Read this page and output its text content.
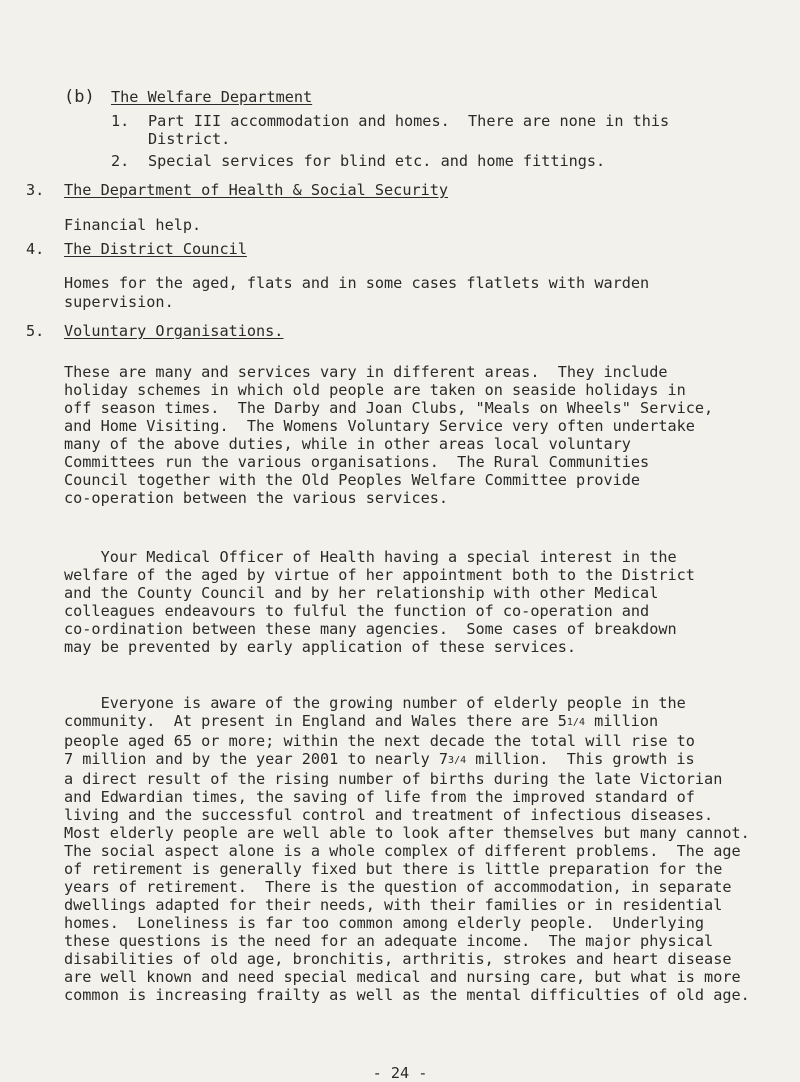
(b) The Welfare Department
1. Part III accommodation and homes.  There are none in this
District.
2. Special services for blind etc. and home fittings.
3. The Department of Health & Social Security
Financial help.
4. The District Council
Homes for the aged, flats and in some cases flatlets with warden
supervision.
5. Voluntary Organisations.
These are many and services vary in different areas.  They include
holiday schemes in which old people are taken on seaside holidays in
off season times.  The Darby and Joan Clubs, "Meals on Wheels" Service,
and Home Visiting.  The Womens Voluntary Service very often undertake
many of the above duties, while in other areas local voluntary
Committees run the various organisations.  The Rural Communities
Council together with the Old Peoples Welfare Committee provide
co-operation between the various services.
Your Medical Officer of Health having a special interest in the
welfare of the aged by virtue of her appointment both to the District
and the County Council and by her relationship with other Medical
colleagues endeavours to fulful the function of co-operation and
co-ordination between these many agencies.  Some cases of breakdown
may be prevented by early application of these services.
Everyone is aware of the growing number of elderly people in the
community.  At present in England and Wales there are 51/4 million
people aged 65 or more; within the next decade the total will rise to
7 million and by the year 2001 to nearly 73/4 million.  This growth is
a direct result of the rising number of births during the late Victorian
and Edwardian times, the saving of life from the improved standard of
living and the successful control and treatment of infectious diseases.
Most elderly people are well able to look after themselves but many cannot.
The social aspect alone is a whole complex of different problems.  The age
of retirement is generally fixed but there is little preparation for the
years of retirement.  There is the question of accommodation, in separate
dwellings adapted for their needs, with their families or in residential
homes.  Loneliness is far too common among elderly people.  Underlying
these questions is the need for an adequate income.  The major physical
disabilities of old age, bronchitis, arthritis, strokes and heart disease
are well known and need special medical and nursing care, but what is more
common is increasing frailty as well as the mental difficulties of old age.
- 24 -
